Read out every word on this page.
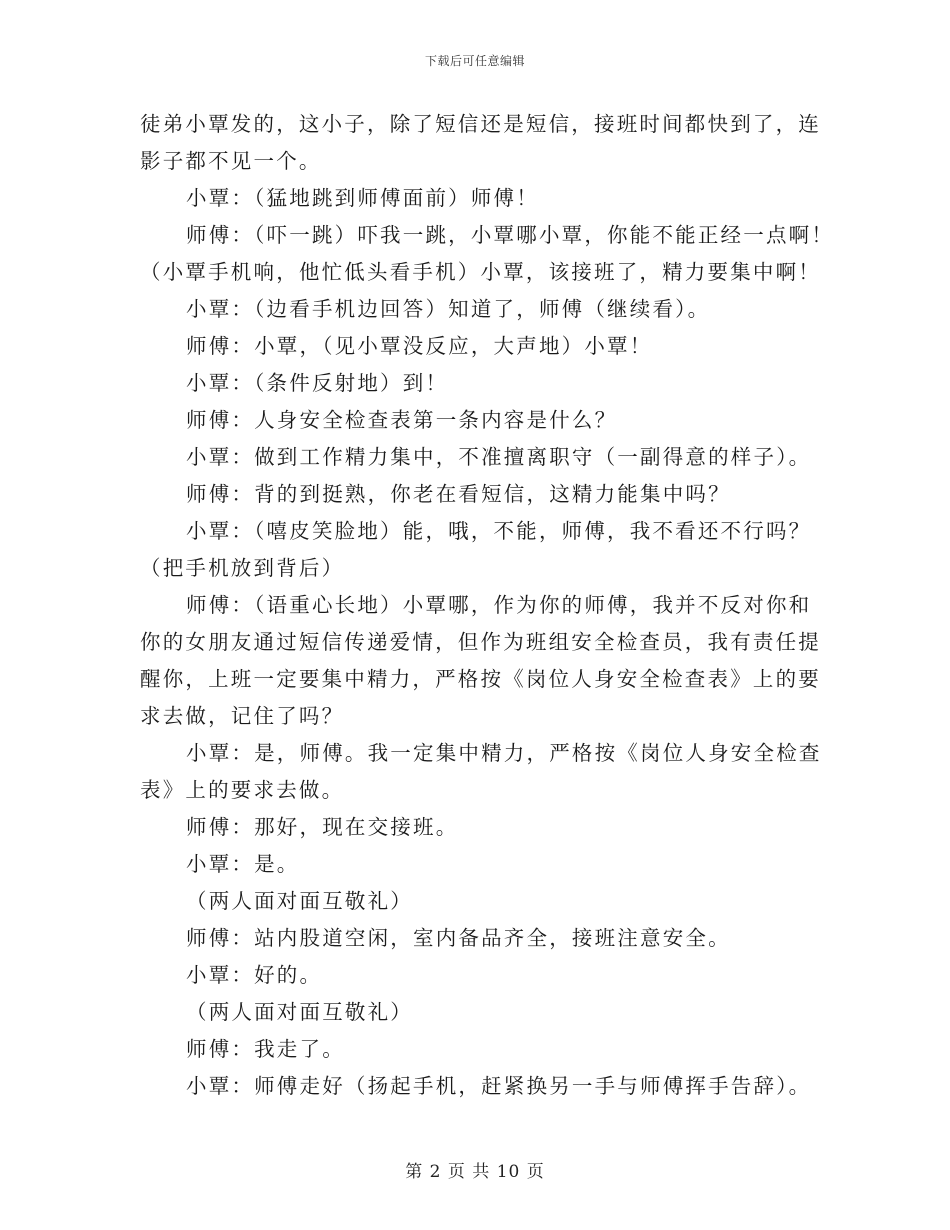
下载后可任意编辑

徒弟小覃发的，这小子，除了短信还是短信，接班时间都快到了，连

影子都不见一个。

小覃：（猛地跳到师傅面前）师傅！

师傅：（吓一跳）吓我一跳，小覃哪小覃，你能不能正经一点啊！

（小覃手机响，他忙低头看手机）小覃，该接班了，精力要集中啊！

小覃：（边看手机边回答）知道了，师傅（继续看）。

师傅：小覃，（见小覃没反应，大声地）小覃！

小覃：（条件反射地）到！

师傅：人身安全检查表第一条内容是什么？

小覃：做到工作精力集中，不准擅离职守（一副得意的样子）。

师傅：背的到挺熟，你老在看短信，这精力能集中吗？

小覃：（嘻皮笑脸地）能，哦，不能，师傅，我不看还不行吗？

（把手机放到背后）

师傅：（语重心长地）小覃哪，作为你的师傅，我并不反对你和

你的女朋友通过短信传递爱情，但作为班组安全检查员，我有责任提

醒你，上班一定要集中精力，严格按《岗位人身安全检查表》上的要

求去做，记住了吗？

小覃：是，师傅。我一定集中精力，严格按《岗位人身安全检查

表》上的要求去做。

师傅：那好，现在交接班。

小覃：是。

（两人面对面互敬礼）

师傅：站内股道空闲，室内备品齐全，接班注意安全。

小覃：好的。

（两人面对面互敬礼）

师傅：我走了。

小覃：师傅走好（扬起手机，赶紧换另一手与师傅挥手告辞）。

第 2 页 共 10 页
